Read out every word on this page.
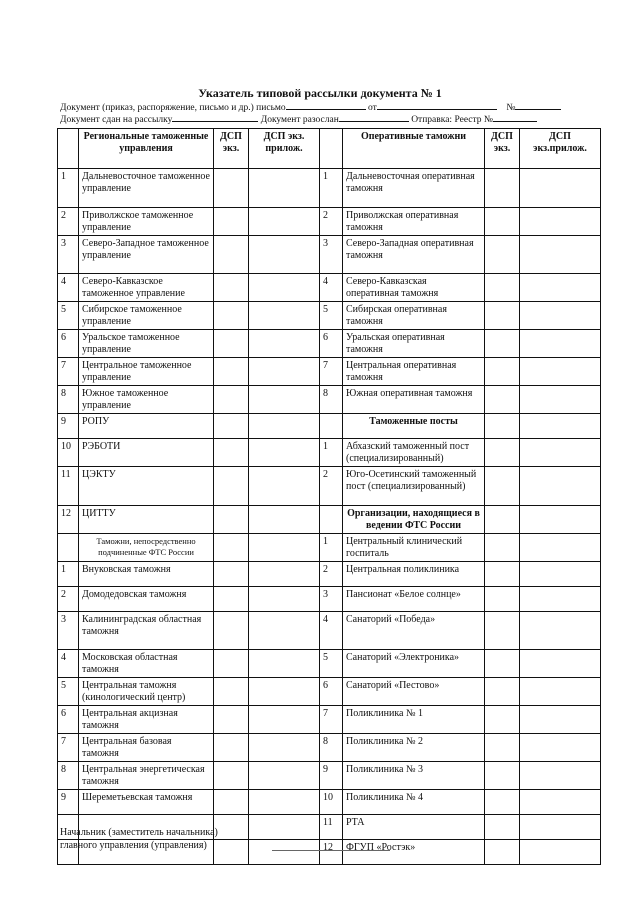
Указатель типовой рассылки документа № 1
Документ (приказ, распоряжение, письмо и др.) письмо	от	№
Документ сдан на рассылку	Документ разослан	Отправка: Реестр №
	Региональные таможенные управления	ДСП экз.	ДСП экз. прилож.		Оперативные таможни	ДСП экз.	ДСП экз.прилож.
1	Дальневосточное таможенное управление			1	Дальневосточная оперативная таможня		
2	Приволжское таможенное управление			2	Приволжская оперативная таможня		
3	Северо-Западное таможенное управление			3	Северо-Западная оперативная таможня		
4	Северо-Кавказское таможенное управление			4	Северо-Кавказская оперативная таможня		
5	Сибирское таможенное управление			5	Сибирская оперативная таможня		
6	Уральское таможенное управление			6	Уральская оперативная таможня		
7	Центральное таможенное управление			7	Центральная оперативная таможня		
8	Южное таможенное управление			8	Южная оперативная таможня		
9	РОПУ				Таможенные посты		
10	РЭБОТИ			1	Абхазский таможенный пост (специализированный)		
11	ЦЭКТУ			2	Юго-Осетинский таможенный пост (специализированный)		
12	ЦИТТУ				Организации, находящиеся в ведении ФТС России		
	Таможни, непосредственно подчиненные ФТС России			1	Центральный клинический госпиталь		
1	Внуковская таможня			2	Центральная поликлиника		
2	Домодедовская таможня			3	Пансионат «Белое солнце»		
3	Калининградская областная таможня			4	Санаторий «Победа»		
4	Московская областная таможня			5	Санаторий «Электроника»		
5	Центральная таможня (кинологический центр)			6	Санаторий «Пестово»		
6	Центральная акцизная таможня			7	Поликлиника № 1		
7	Центральная базовая таможня			8	Поликлиника № 2		
8	Центральная энергетическая таможня			9	Поликлиника № 3		
9	Шереметьевская таможня			10	Поликлиника № 4		
				11	РТА		
				12	ФГУП «Ростэк»		
Начальник (заместитель начальника)
главного управления (управления)
